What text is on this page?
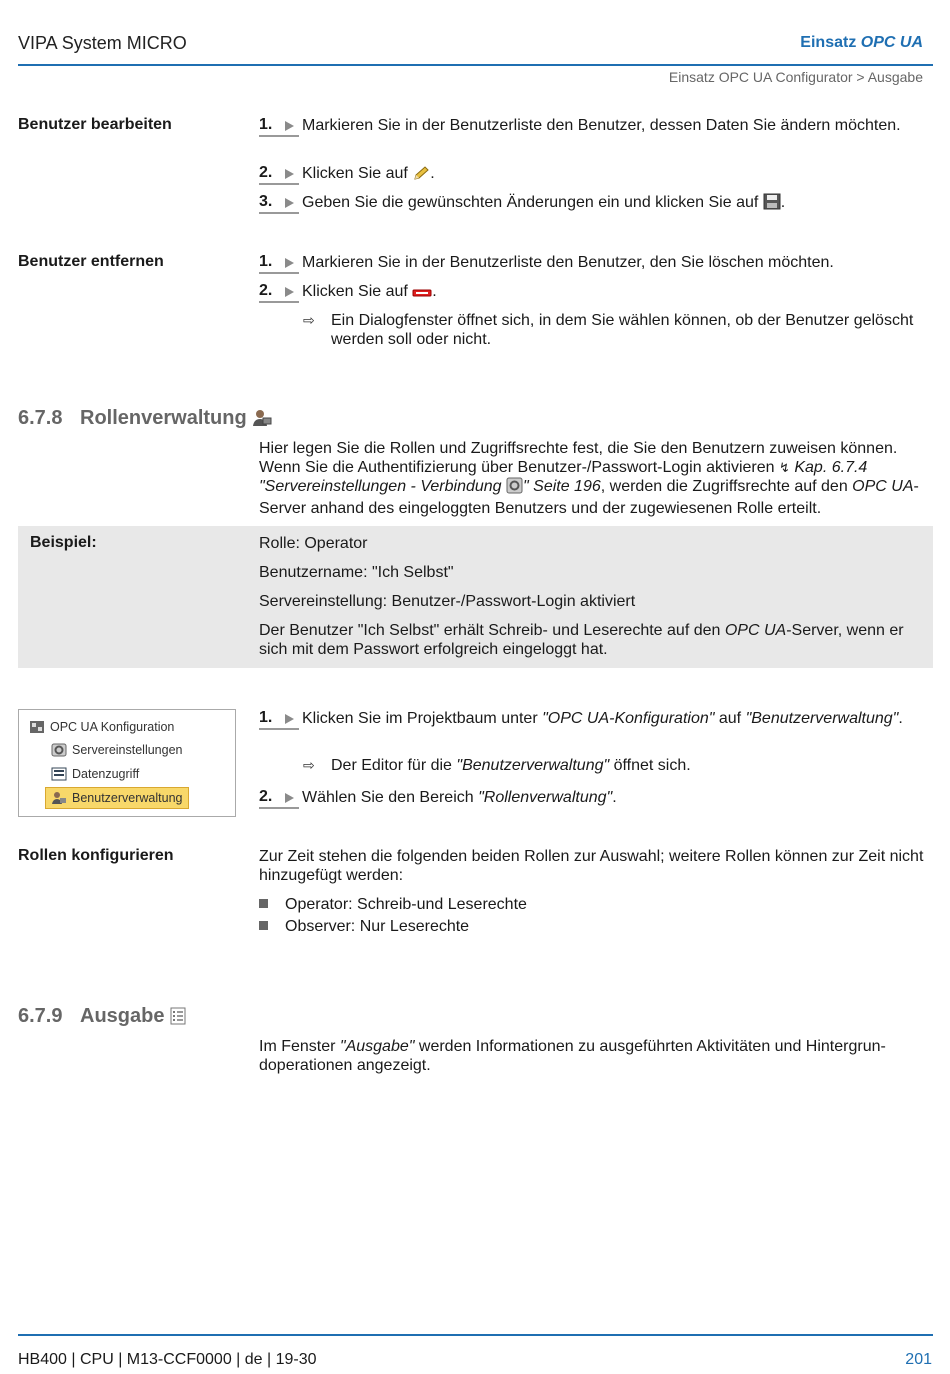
VIPA System MICRO	Einsatz OPC UA
Einsatz OPC UA Configurator > Ausgabe
Benutzer bearbeiten	1.	Markieren Sie in der Benutzerliste den Benutzer, dessen Daten Sie ändern möchten.
2.	Klicken Sie auf .
3.	Geben Sie die gewünschten Änderungen ein und klicken Sie auf .
Benutzer entfernen	1.	Markieren Sie in der Benutzerliste den Benutzer, den Sie löschen möchten.
2.	Klicken Sie auf .
⇨ Ein Dialogfenster öffnet sich, in dem Sie wählen können, ob der Benutzer gelöscht werden soll oder nicht.
6.7.8 Rollenverwaltung
Hier legen Sie die Rollen und Zugriffsrechte fest, die Sie den Benutzern zuweisen können. Wenn Sie die Authentifizierung über Benutzer-/Passwort-Login aktivieren ↯ Kap. 6.7.4 "Servereinstellungen - Verbindung " Seite 196, werden die Zugriffsrechte auf den OPC UA-Server anhand des eingeloggten Benutzers und der zugewiesenen Rolle erteilt.
Beispiel:	Rolle: Operator
Benutzername: "Ich Selbst"
Servereinstellung: Benutzer-/Passwort-Login aktiviert
Der Benutzer "Ich Selbst" erhält Schreib- und Leserechte auf den OPC UA-Server, wenn er sich mit dem Passwort erfolgreich eingeloggt hat.
OPC UA Konfiguration
Servereinstellungen
Datenzugriff
Benutzerverwaltung
1.	Klicken Sie im Projektbaum unter "OPC UA-Konfiguration" auf "Benutzerverwaltung".
⇨ Der Editor für die "Benutzerverwaltung" öffnet sich.
2.	Wählen Sie den Bereich "Rollenverwaltung".
Rollen konfigurieren	Zur Zeit stehen die folgenden beiden Rollen zur Auswahl; weitere Rollen können zur Zeit nicht hinzugefügt werden:
Operator: Schreib-und Leserechte
Observer: Nur Leserechte
6.7.9 Ausgabe
Im Fenster "Ausgabe" werden Informationen zu ausgeführten Aktivitäten und Hintergrundoperationen angezeigt.
HB400 | CPU | M13-CCF0000 | de | 19-30	201
